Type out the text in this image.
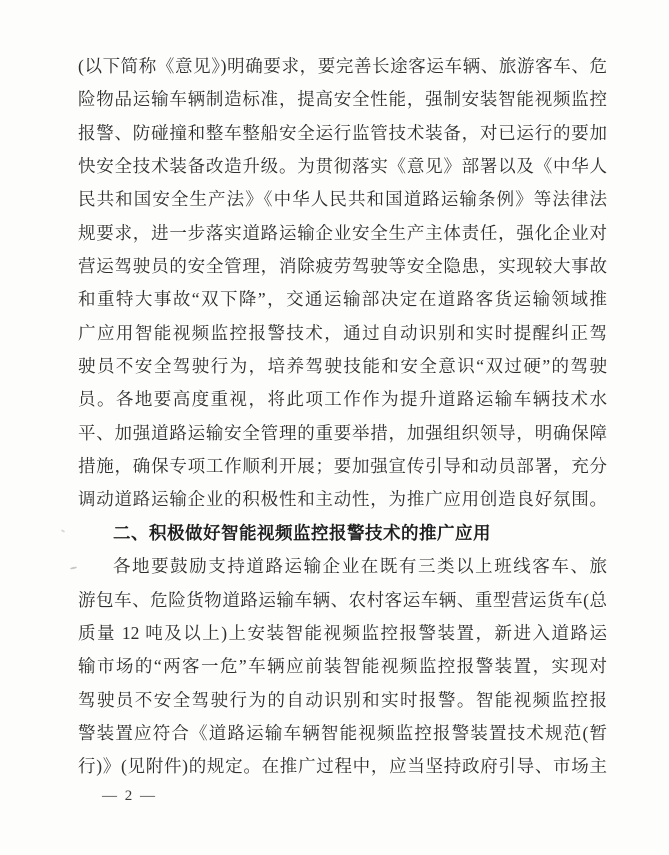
(以下简称《意见》)明确要求，要完善长途客运车辆、旅游客车、危
险物品运输车辆制造标准，提高安全性能，强制安装智能视频监控
报警、防碰撞和整车整船安全运行监管技术装备，对已运行的要加
快安全技术装备改造升级。为贯彻落实《意见》部署以及《中华人
民共和国安全生产法》《中华人民共和国道路运输条例》等法律法
规要求，进一步落实道路运输企业安全生产主体责任，强化企业对
营运驾驶员的安全管理，消除疲劳驾驶等安全隐患，实现较大事故
和重特大事故“双下降”，交通运输部决定在道路客货运输领域推
广应用智能视频监控报警技术，通过自动识别和实时提醒纠正驾
驶员不安全驾驶行为，培养驾驶技能和安全意识“双过硬”的驾驶
员。各地要高度重视，将此项工作作为提升道路运输车辆技术水
平、加强道路运输安全管理的重要举措，加强组织领导，明确保障
措施，确保专项工作顺利开展；要加强宣传引导和动员部署，充分
调动道路运输企业的积极性和主动性，为推广应用创造良好氛围。
二、积极做好智能视频监控报警技术的推广应用
各地要鼓励支持道路运输企业在既有三类以上班线客车、旅
游包车、危险货物道路运输车辆、农村客运车辆、重型营运货车(总
质量 12 吨及以上)上安装智能视频监控报警装置，新进入道路运
输市场的“两客一危”车辆应前装智能视频监控报警装置，实现对
驾驶员不安全驾驶行为的自动识别和实时报警。智能视频监控报
警装置应符合《道路运输车辆智能视频监控报警装置技术规范(暂
行)》(见附件)的规定。在推广过程中，应当坚持政府引导、市场主
— 2 —
